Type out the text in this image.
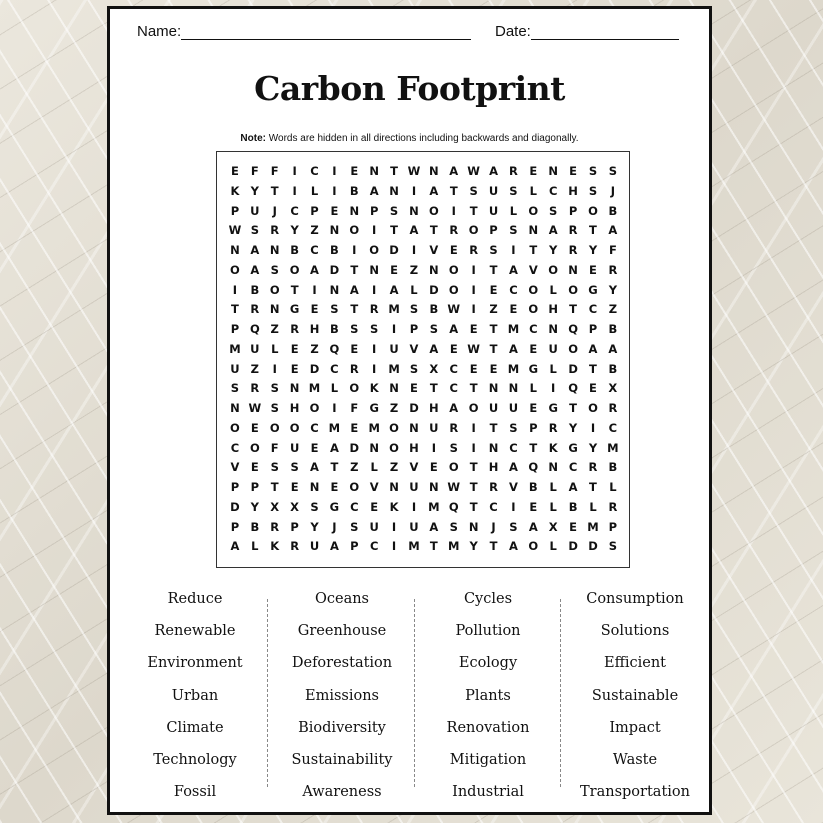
Name:	Date:
Carbon Footprint
Note: Words are hidden in all directions including backwards and diagonally.
E	F	F	I	C	I	E N T W N A W A R	E N E	S	S
K Y	T	I	L	I	B A N	I	A	T	S U S	L	C H S	J
P U	J	C P	E N P	S N O	I	T U	L O S	P O B
W S R Y	Z N O	I	T	A	T	R O P	S N A R	T	A
N A N B C B	I	O D	I	V	E	R S	I	T	Y R Y	F
O A S O A D T N E	Z N O	I	T	A V O N E	R
I	B O T	I	N A	I	A	L D O	I	E	C O L O G Y
T	R N G E	S	T	R M S B W I	Z	E O H T	C Z
P Q Z R H B S	S	I	P	S A	E	T M C N Q P B
M U	L	E	Z Q E	I	U V A	E W T	A	E U O A A
U Z	I	E D C R	I	M S X C	E	E M G	L D T	B
S R S N M L O K N E	T	C	T N N L	I	Q E	X
N W S H O	I	F G Z D H A O U U E G T O R
O E O O C M E M O N U R	I	T	S	P R Y	I	C
C O F U E	A D N O H	I	S	I	N C	T	K G Y M
V	E	S	S A	T	Z	L	Z V	E O T H A Q N C R B
P P	T	E N E O V N U N W T	R V B	L	A	T	L
D Y X X S G C	E	K	I	M Q T	C	I	E	L	B	L	R
P B R P	Y	J	S U	I	U A S N	J	S A X	E M P
A	L	K R U A P C	I	M T M Y	T	A O L D D S
Reduce
Renewable
Environment
Urban
Climate
Technology
Fossil
Oceans
Greenhouse
Deforestation
Emissions
Biodiversity
Sustainability
Awareness
Cycles
Pollution
Ecology
Plants
Renovation
Mitigation
Industrial
Consumption
Solutions
Efficient
Sustainable
Impact
Waste
Transportation
